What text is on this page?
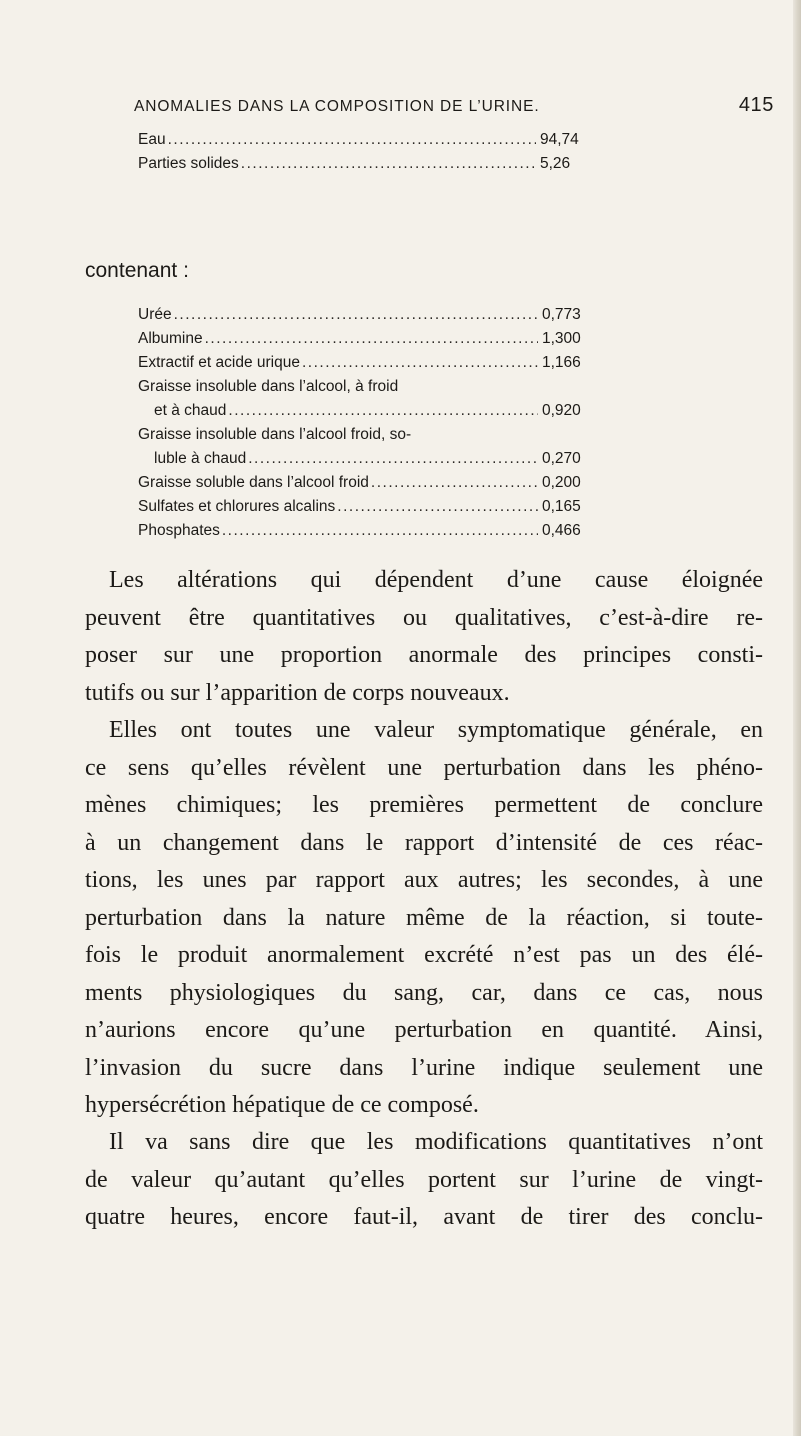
ANOMALIES DANS LA COMPOSITION DE L’URINE.	415
Eau .....	94,74
Parties solides .....	5,26
contenant :
Urée .....	0,773
Albumine .....	1,300
Extractif et acide urique .....	1,166
Graisse insoluble dans l’alcool, à froid
et à chaud .....	0,920
Graisse insoluble dans l’alcool froid, so-
luble à chaud .....	0,270
Graisse soluble dans l’alcool froid .....	0,200
Sulfates et chlorures alcalins .....	0,165
Phosphates .....	0,466
Les altérations qui dépendent d’une cause éloignée
peuvent être quantitatives ou qualitatives, c’est-à-dire re-
poser sur une proportion anormale des principes consti-
tutifs ou sur l’apparition de corps nouveaux.
Elles ont toutes une valeur symptomatique générale, en
ce sens qu’elles révèlent une perturbation dans les phéno-
mènes chimiques; les premières permettent de conclure
à un changement dans le rapport d’intensité de ces réac-
tions, les unes par rapport aux autres; les secondes, à une
perturbation dans la nature même de la réaction, si toute-
fois le produit anormalement excrété n’est pas un des élé-
ments physiologiques du sang, car, dans ce cas, nous
n’aurions encore qu’une perturbation en quantité. Ainsi,
l’invasion du sucre dans l’urine indique seulement une
hypersécrétion hépatique de ce composé.
Il va sans dire que les modifications quantitatives n’ont
de valeur qu’autant qu’elles portent sur l’urine de vingt-
quatre heures, encore faut-il, avant de tirer des conclu-
